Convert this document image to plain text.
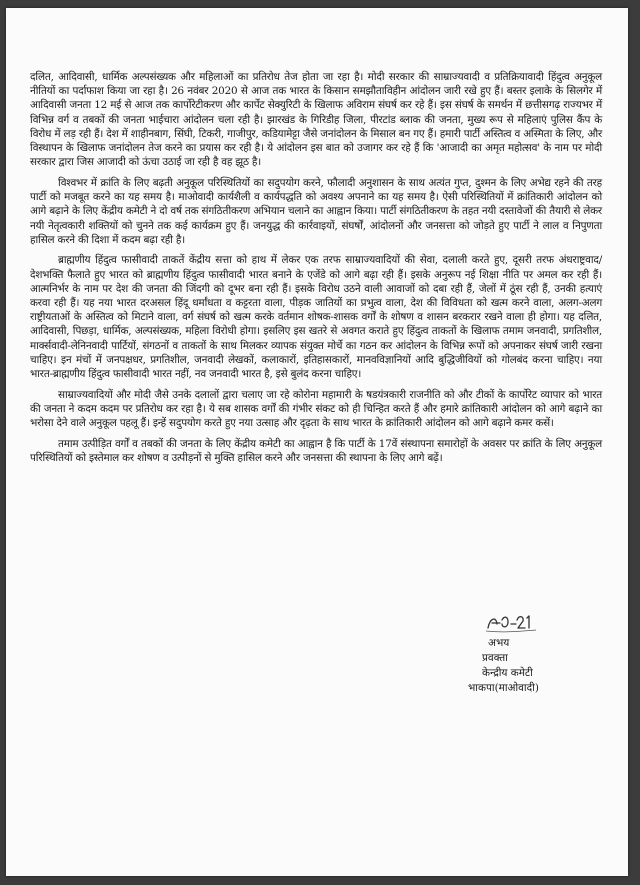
दलित, आदिवासी, धार्मिक अल्पसंख्यक और महिलाओं का प्रतिरोध तेज होता जा रहा है। मोदी सरकार की साम्राज्यवादी व प्रतिक्रियावादी हिंदुत्व अनुकूल नीतियों का पर्दाफाश किया जा रहा है। 26 नवंबर 2020 से आज तक भारत के किसान समझौताविहीन आंदोलन जारी रखे हुए हैं। बस्तर इलाके के सिलगेर में आदिवासी जनता 12 मई से आज तक कार्पोरेटीकरण और कार्पेट सेक्युरिटी के खिलाफ अविराम संघर्ष कर रहे हैं। इस संघर्ष के समर्थन में छत्तीसगढ़ राज्यभर में विभिन्न वर्ग व तबकों की जनता भाईचारा आंदोलन चला रही है। झारखंड के गिरिडीह जिला, पीरटांड ब्लाक की जनता, मुख्य रूप से महिलाएं पुलिस कैंप के विरोध में लड़ रही हैं। देश में शाहीनबाग, सिंघी, टिकरी, गाजीपुर, कडियामेट्टा जैसे जनांदोलन के मिसाल बन गए हैं। हमारी पार्टी अस्तित्व व अस्मिता के लिए, और विस्थापन के खिलाफ जनांदोलन तेज करने का प्रयास कर रही है। ये आंदोलन इस बात को उजागर कर रहे हैं कि 'आजादी का अमृत महोत्सव' के नाम पर मोदी सरकार द्वारा जिस आजादी को ऊंचा उठाई जा रही है वह झूठ है।

विश्वभर में क्रांति के लिए बढ़ती अनुकूल परिस्थितियों का सदुपयोग करने, फौलादी अनुशासन के साथ अत्यंत गुप्त, दुश्मन के लिए अभेद्य रहने की तरह पार्टी को मजबूत करने का यह समय है। माओवादी कार्यशैली व कार्यपद्धति को अवश्य अपनाने का यह समय है। ऐसी परिस्थितियों में क्रांतिकारी आंदोलन को आगे बढ़ाने के लिए केंद्रीय कमेटी ने दो वर्ष तक संगठितीकरण अभियान चलाने का आह्वान किया। पार्टी संगठितीकरण के तहत नयी दस्तावेजों की तैयारी से लेकर नयी नेतृत्वकारी शक्तियों को चुनने तक कई कार्यक्रम हुए हैं। जनयुद्ध की कार्रवाइयों, संघर्षों, आंदोलनों और जनसत्ता को जोड़ते हुए पार्टी ने लाल व निपुणता हासिल करने की दिशा में कदम बढ़ा रही है।

ब्राह्मणीय हिंदुत्व फासीवादी ताकतें केंद्रीय सत्ता को हाथ में लेकर एक तरफ साम्राज्यवादियों की सेवा, दलाली करते हुए, दूसरी तरफ अंधराष्ट्रवाद/देशभक्ति फैलाते हुए भारत को ब्राह्मणीय हिंदुत्व फासीवादी भारत बनाने के एजेंडे को आगे बढ़ा रही हैं। इसके अनुरूप नई शिक्षा नीति पर अमल कर रही हैं। आत्मनिर्भर के नाम पर देश की जनता की जिंदगी को दूभर बना रही हैं। इसके विरोध उठने वाली आवाजों को दबा रही हैं, जेलों में ठूंस रही हैं, उनकी हत्याएं करवा रही हैं। यह नया भारत दरअसल हिंदू धर्मांधता व कट्टरता वाला, पीड़क जातियों का प्रभुत्व वाला, देश की विविधता को खत्म करने वाला, अलग-अलग राष्ट्रीयताओं के अस्तित्व को मिटाने वाला, वर्ग संघर्ष को खत्म करके वर्तमान शोषक-शासक वर्गों के शोषण व शासन बरकरार रखने वाला ही होगा। यह दलित, आदिवासी, पिछड़ा, धार्मिक, अल्पसंख्यक, महिला विरोधी होगा। इसलिए इस खतरे से अवगत कराते हुए हिंदुत्व ताकतों के खिलाफ तमाम जनवादी, प्रगतिशील, मार्क्सवादी-लेनिनवादी पार्टियों, संगठनों व ताकतों के साथ मिलकर व्यापक संयुक्त मोर्चे का गठन कर आंदोलन के विभिन्न रूपों को अपनाकर संघर्ष जारी रखना चाहिए। इन मंचों में जनपक्षधर, प्रगतिशील, जनवादी लेखकों, कलाकारों, इतिहासकारों, मानवविज्ञानियों आदि बुद्धिजीवियों को गोलबंद करना चाहिए। नया भारत-ब्राह्मणीय हिंदुत्व फासीवादी भारत नहीं, नव जनवादी भारत है, इसे बुलंद करना चाहिए।

साम्राज्यवादियों और मोदी जैसे उनके दलालों द्वारा चलाए जा रहे कोरोना महामारी के षडयंत्रकारी राजनीति को और टीकों के कार्पोरेट व्यापार को भारत की जनता ने कदम कदम पर प्रतिरोध कर रहा है। ये सब शासक वर्गों की गंभीर संकट को ही चिन्हित करते हैं और हमारे क्रांतिकारी आंदोलन को आगे बढ़ाने का भरोसा देने वाले अनुकूल पहलू हैं। इन्हें सदुपयोग करते हुए नया उत्साह और दृढ़ता के साथ भारत के क्रांतिकारी आंदोलन को आगे बढ़ाने कमर कसें।

तमाम उत्पीड़ित वर्गों व तबकों की जनता के लिए केंद्रीय कमेटी का आह्वान है कि पार्टी के 17वें संस्थापना समारोहों के अवसर पर क्रांति के लिए अनुकूल परिस्थितियों को इस्तेमाल कर शोषण व उत्पीड़नों से मुक्ति हासिल करने और जनसत्ता की स्थापना के लिए आगे बढ़ें।

अभय
प्रवक्ता
केन्द्रीय कमेटी
भाकपा(माओवादी)
